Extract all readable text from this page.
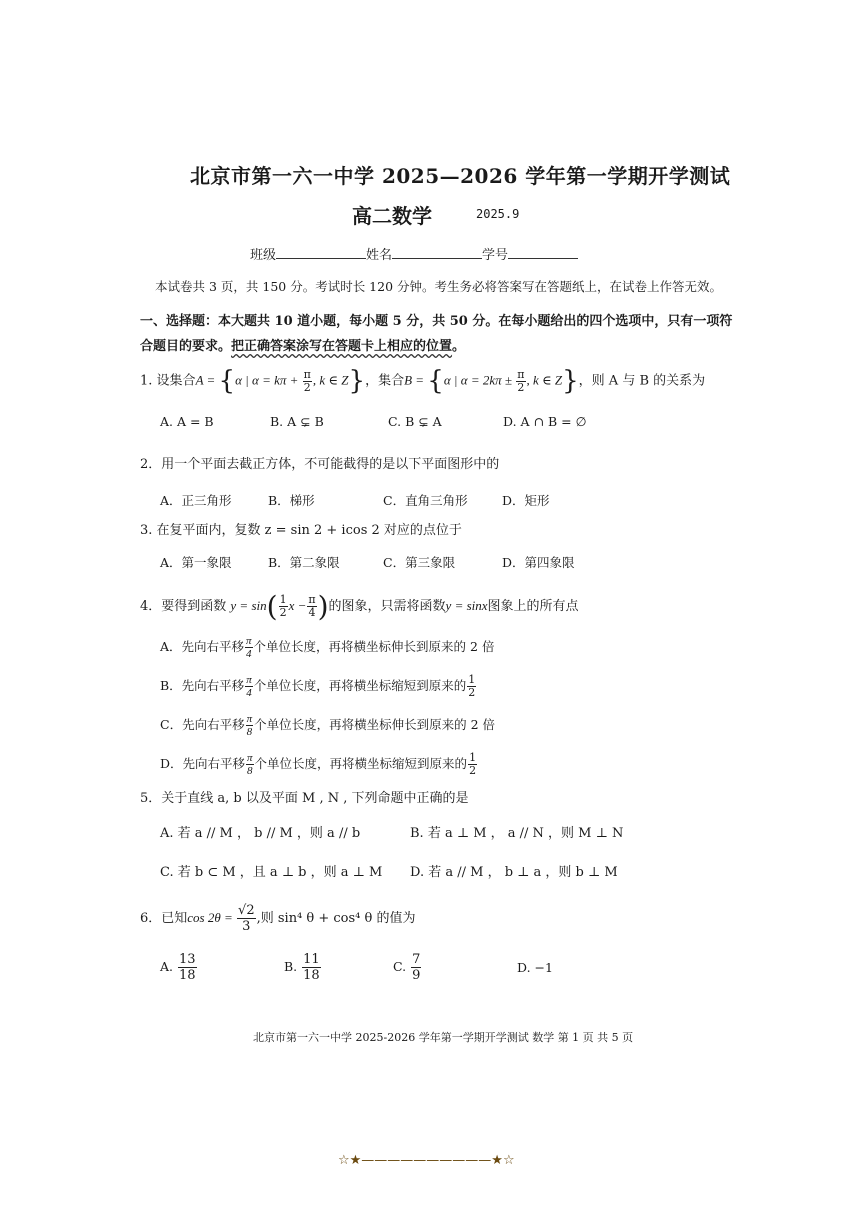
北京市第一六一中学 2025—2026 学年第一学期开学测试
高二数学	2025.9
班级	姓名	学号
本试卷共 3 页，共 150 分。考试时长 120 分钟。考生务必将答案写在答题纸上，在试卷上作答无效。
一、选择题：本大题共 10 道小题，每小题 5 分，共 50 分。在每小题给出的四个选项中，只有一项符
合题目的要求。把正确答案涂写在答题卡上相应的位置。
1. 设集合A = {α | $\alpha = k\pi + \frac{\pi}{2}$ , k ∈ Z}，集合B = {α | $\alpha = 2k\pi \pm \frac{\pi}{2}$ , k ∈ Z}，则 A 与 B 的关系为
A. A = B	B. A ⊊ B	C. B ⊊ A	D. A ∩ B = ∅
2．用一个平面去截正方体，不可能截得的是以下平面图形中的
A．正三角形	B．梯形	C．直角三角形	D．矩形
3. 在复平面内，复数 z = sin 2 + icos 2 对应的点位于
A．第一象限	B．第二象限	C．第三象限	D．第四象限
4．要得到函数 $y = \sin( \frac{1}{2}$ $x - \frac{\pi}{4}$ )的图象，只需将函数y = sinx图象上的所有点
A．先向右平移 $\frac{\pi}{4}$ 个单位长度，再将横坐标伸长到原来的 2 倍
B．先向右平移 $\frac{\pi}{4}$ 个单位长度，再将横坐标缩短到原来的 $\frac{1}{2}$
C．先向右平移 $\frac{\pi}{8}$ 个单位长度，再将横坐标伸长到原来的 2 倍
D．先向右平移 $\frac{\pi}{8}$ 个单位长度，再将横坐标缩短到原来的 $\frac{1}{2}$
5．关于直线 a, b 以及平面 M , N , 下列命题中正确的是
A. 若 a // M ， b // M ，则 a // b	B. 若 a ⊥ M ， a // N ，则 M ⊥ N
C. 若 b ⊂ M ，且 a ⊥ b ，则 a ⊥ M D. 若 a // M ， b ⊥ a ，则 b ⊥ M
6．已知$\cos 2\theta = \frac{√2}{3}$ ,则 sin⁴ θ + cos⁴ θ 的值为
A. $\frac{13}{18}$	B. $\frac{11}{18}$	C. $\frac{7}{9}$	D. −1
北京市第一六一中学 2025-2026 学年第一学期开学测试 数学 第 1 页 共 5 页
☆★——————————★☆
